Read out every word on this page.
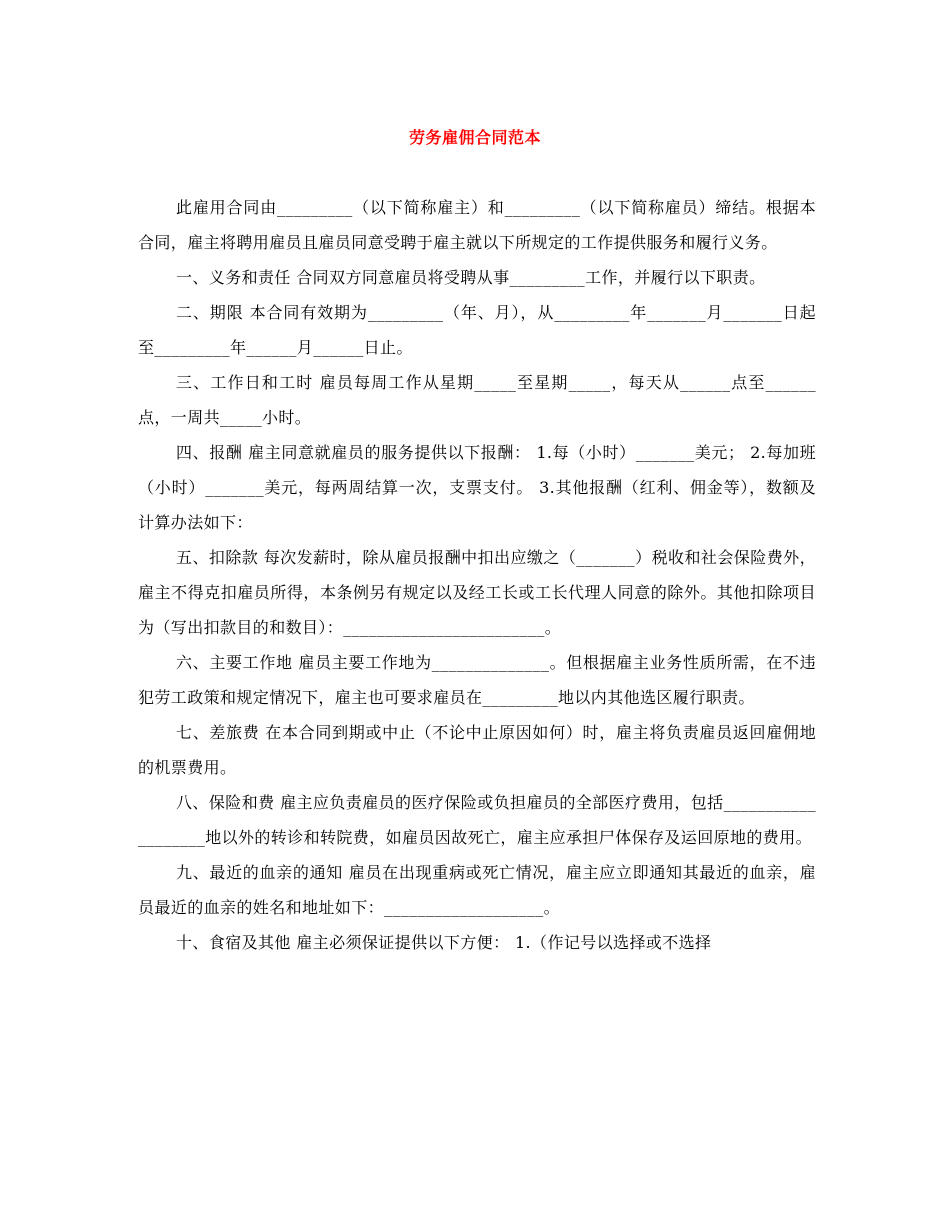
劳务雇佣合同范本

此雇用合同由_________（以下简称雇主）和_________（以下简称雇员）缔结。根据本合同，雇主将聘用雇员且雇员同意受聘于雇主就以下所规定的工作提供服务和履行义务。

一、义务和责任 合同双方同意雇员将受聘从事_________工作，并履行以下职责。

二、期限 本合同有效期为_________（年、月），从_________年_______月_______日起至_________年______月______日止。

三、工作日和工时 雇员每周工作从星期_____至星期_____，每天从______点至______点，一周共_____小时。

四、报酬 雇主同意就雇员的服务提供以下报酬： 1.每（小时）_______美元； 2.每加班（小时）_______美元，每两周结算一次，支票支付。 3.其他报酬（红利、佣金等），数额及计算办法如下：

五、扣除款 每次发薪时，除从雇员报酬中扣出应缴之（_______）税收和社会保险费外，雇主不得克扣雇员所得，本条例另有规定以及经工长或工长代理人同意的除外。其他扣除项目为（写出扣款目的和数目）：________________________。

六、主要工作地 雇员主要工作地为______________。但根据雇主业务性质所需，在不违犯劳工政策和规定情况下，雇主也可要求雇员在_________地以内其他选区履行职责。

七、差旅费 在本合同到期或中止（不论中止原因如何）时，雇主将负责雇员返回雇佣地的机票费用。

八、保险和费 雇主应负责雇员的医疗保险或负担雇员的全部医疗费用，包括___________________地以外的转诊和转院费，如雇员因故死亡，雇主应承担尸体保存及运回原地的费用。

九、最近的血亲的通知 雇员在出现重病或死亡情况，雇主应立即通知其最近的血亲，雇员最近的血亲的姓名和地址如下：___________________。

十、食宿及其他 雇主必须保证提供以下方便： 1.（作记号以选择或不选择
